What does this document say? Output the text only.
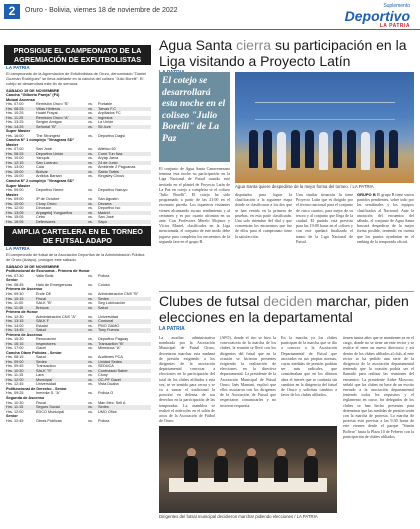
2	Oruro - Bolivia, viernes 18 de noviembre de 2022
Suplemento
Deportivo
LA PATRIA
PROSIGUE EL CAMPEONATO DE LA AGREMIACIÓN DE EXFUTBOLISTAS
LA PATRIA
El campeonato de la Agremiación de Exfutbolistas de Oruro, denominado "Daniel Guzmán Rodríguez" se lleva adelante en la cancha del coliseo "Julio Borelli". El cotejo se desarrollará este fin de semana.
SÁBADO 19 DE NOVIEMBRE
Cancha "Gilberto Pareja" (F4)
Mutual Ascensa
Hrs. 07:00	Remisión Oruro "B"	vs.	Portable
Hrs. 08:25	Villas Hinteros	vs.	Tarvas F.C
Hrs. 10:25	Huabi Frayal	vs.	Arpillados FC
Hrs. 11:25	Remisión Oruro "A"	vs.	Ingresos
Hrs. 13:25	Sergen Amigos	vs.	La Unión
Hrs. 14:25	Señorial "B"	vs.	Stl Jure
Super Master
Hrs. 16:00	The Strongest	vs.	Deportivo Dagsi
Cancha N° 1 complejo "Vinagrara SD"
Master
Hrs. 07:00	San José	vs.	Atlético 60
Hrs. 08:25	Deportivo Unión	vs.	Cornt Tun Naz
Hrs. 10:00	Yanquis	vs.	Aryap Jarca
Hrs. 12:15	San Lorenzo	vs.	24 de Junio
Hrs. 13:00	Cala	vs.	Ambiente 2 Paguanas
Hrs. 15:00	Bolívar	vs.	Sabio Tarbis
Hrs. 16:00	Antidus Barsan	vs.	Kingsley Circus
Cancha N° 2 complejo "Vinagrara SD"
Super Master
Hrs. 09:00	Deportivo Neme	vs.	Deportivo Naruyo
Master
Hrs. 09:00	3ª de Octubre	vs.	San Agustín
Hrs. 10:00	Cluny Oruro	vs.	Dezarra
Hrs. 12:00	Dinosaur	vs.	Deportivo Iso
Hrs. 13:05	Arpagetoj Yungueños	vs.	Madrid
Hrs. 15:05	Cebu	vs.	San José
Hrs. 16:05	Defensores	vs.	Sapo
AMPLIA CARTELERA EN EL TORNEO DE FUTSAL ADAPO
LA PATRIA
El campeonato de futsal de la Asociación Deportiva de la Administración Pública de Oruro (Adapo), prosigue este sábado.
SÁBADO 19 DE NOVIEMBRE
Polifuncional de Economía - Primera de Honor
Hrs. 07:30	Valle Bolis	vs.	Policía
Senior
Hrs. 08:45	Halo de Emergencias	vs.	Coloso
Primera de Ascenso
Hrs. 09:30	Ende DE	vs.	Administración CNS "B"
Hrs. 10:15	Fiscal	vs.	Sedes
Hrs. 11:00	SALK "B"	vs.	Seg Lubricación
Hrs. 11:45	Brincos	vs.	Salud
Primera de Honor
Hrs. 12:30	Administración CNS "A"	vs.	Universidad
Hrs. 13:15	SALK F	vs.	Comunal
Hrs. 14:00	Estatal	vs.	PMO GAMO
Hrs. 14:45	Salud	vs.	Tony Fuerza
Primera de Ascenso
Hrs. 15:30	Renovación	vs.	Deportivo Paguay
Hrs. 16:15	Inspectores	vs.	Transaction "B"
Hrs. 17:00	Gacel	vs.	Mineduca "A"
Cancha Olave Policías - Senior
Hrs. 08:15	Salud	vs.	Auditores PCA
Hrs. 09:00	Sedes	vs.	Unidad Sedes
Hrs. 09:45	Transaction	vs.	SEDUCA
Hrs. 10:30	SALK "S"	vs.	Controlado Saber
Hrs. 11:15	Lara	vs.	Cluny
Hrs. 12:00	Municipal	vs.	OC-PF Gacel
Hrs. 12:45	Universidad	vs.	Vista Duaba
Polifuncional de Derecho - Senior
Hrs. 09:25	Inmedia S. "A"	vs.	Policia O
Segunda de Ascenso
Hrs. 10:30	Fiscal	vs.	Man Mec. Sell A
Hrs. 11:15	Seguro Social	vs.	Sedes
Hrs. 12:00	EDCO Municipal	vs.	UMO Ofice
Senior
Hrs. 12:45	Obras Públicas	vs.	Policía
Agua Santa cierra su participación en la Liga visitando a Proyecto Latín
El cotejo se desarrollará esta noche en el coliseo "Julio Borelli" de La Paz
El conjunto de Agua Santa Canavenezano termina esta noche su participación en la Liga Nacional de Futsal cuando esté invitado en el plantel de Proyecto Latín de La Paz en cotejo a completar se el coliseo "Julio Borelli". El cotejo ha sido programado a partir de las 21:00 en el escenario paceño. Los tiqueteros visitantes vienen alcanzando escaso rendimiento y al certamen y es por cuanto afrontan en su ante. Con Profesores Merelo Mojinos y Víctor Muriel, clasificados en la Liga mencionada, el conjunto de este modo debe jugarse para completar los encuentros de la segunda fase en el grupo B.
Agua Santa quiere despedirse de la mejor forma del torneo. / LA PATRIA
disputados para lograr la clasificación a la siguiente etapa donde se clasificaron a los dos que se han venido en la primera de pruebas, en esta parte clasificarán. Una solo miembro del dial y que concentrán los encuentros que fue de ellos para el campeonato tiene la satisfacción.
Una similar situación la tiene Proyecto Latín que es dirigido por el técnico nacional para el conjunto de cinco cuartos, para mejor de su tesoro y al conjunto que llega de la ciudad. El partido está previsto para las 19:00 horas en el coliseo y con este quedará finalizado el tramo de la Liga Nacional de Futsal.
GRUPO B El grupo B tiene varios partidos pendientes, sobre todo por las semifinales y los equipos clasificados al Nacional. Ante la anotación del encuentro del sábado, el conjunto de Agua Santa buscará despedirse de la mejor forma posible, teniendo en cuenta que los puntos ayudarían en el ranking de la temporada oficial.
Clubes de futsal deciden marchar, piden elecciones en la departamental
LA PATRIA
La auxiliar administrativa nombrada por la Asociación Municipal de Futsal Oruro, decretaron marchar esta mañana de presión exigiendo a los dirigentes de la asociación departamental convocar a elecciones en la participación del total de los clubes afiliados a esta vez, se ve sentido para cerrar y se va a sumar el tradicional la posición en defensa de sus derechos en la participación de las temporadas. La asamblea se realizó el miércoles en el salón de actos de la Asociación de Fútbol de Oruro.
(AFO), donde el tiro se hizo la convocatoria de la marcha de los clubes, la reunión se llevó con los dirigentes del futsal que en la ocasión se hicieron presentes exigiendo la realización de elecciones en la directiva departamental. La presidente de la Asociación Municipal de Futsal Oruro, Inés Mamani, explicó que ellos asociaron con los dirigentes de la Asociación de Futsal que respectaron comunicarles y no tuvieron respuesta.
En la marcha ya los clubes participan de la marcha que se dio a conocer a la Asociación Departamental de Futsal que asociados en sus propias normas, cuyas medidas de presión podrían ser más radicales, que consideraban que en los últimos años el interés que se continúa sin cambios en la dirigencia del futsal de Oruro y solicitan cambios a favor de los clubes afiliados.
tienen tantos años que se mantienen ya en el cargo, donde no se tiene un ente rector y se realice el tener un nuevo directorio y así dentro de los clubes afiliados al club, al ente rector se ha pedido una serie de la dirigencia de la asociación departamental teniendo que la ocasión podría ser el llamado para realizar las reuniones del encuentro. La presidente Aidee Moscoso, señaló que los clubes en base de un escrito enviado a la asociación departamental teniendo todos los requisitos y el reglamento en curso, los delegados de los clubes se han hecho presentes para determinar que las medidas de presión serán con la marcha de protesta. La marcha de protesta está prevista a las 9:30 horas de este viernes desde el parque "Simón Bolívar" hasta la Plaza 10 de Febrero con la participación de clubes afiliados.
Dirigentes del futsal municipal decidieron marchar pidiendo elecciones / LA PATRIA
